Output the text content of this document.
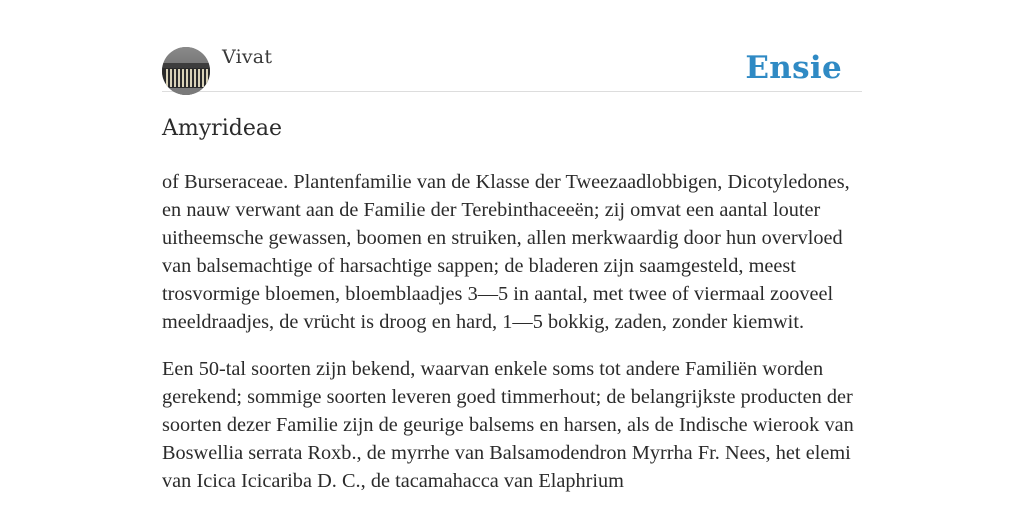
Vivat	Ensie
Amyrideae

of Burseraceae. Plantenfamilie van de Klasse der Tweezaadlobbigen, Dicotyledones, en nauw verwant aan de Familie der Terebinthaceeën; zij omvat een aantal louter uitheemsche gewassen, boomen en struiken, allen merkwaardig door hun overvloed van balsemachtige of harsachtige sappen; de bladeren zijn saamgesteld, meest trosvormige bloemen, bloemblaadjes 3—5 in aantal, met twee of viermaal zooveel meeldraadjes, de vrücht is droog en hard, 1—5 bokkig, zaden, zonder kiemwit.

Een 50-tal soorten zijn bekend, waarvan enkele soms tot andere Familiën worden gerekend; sommige soorten leveren goed timmerhout; de belangrijkste producten der soorten dezer Familie zijn de geurige balsems en harsen, als de Indische wierook van Boswellia serrata Roxb., de myrrhe van Balsamodendron Myrrha Fr. Nees, het elemi van Icica Icicariba D. C., de tacamahacca van Elaphrium
